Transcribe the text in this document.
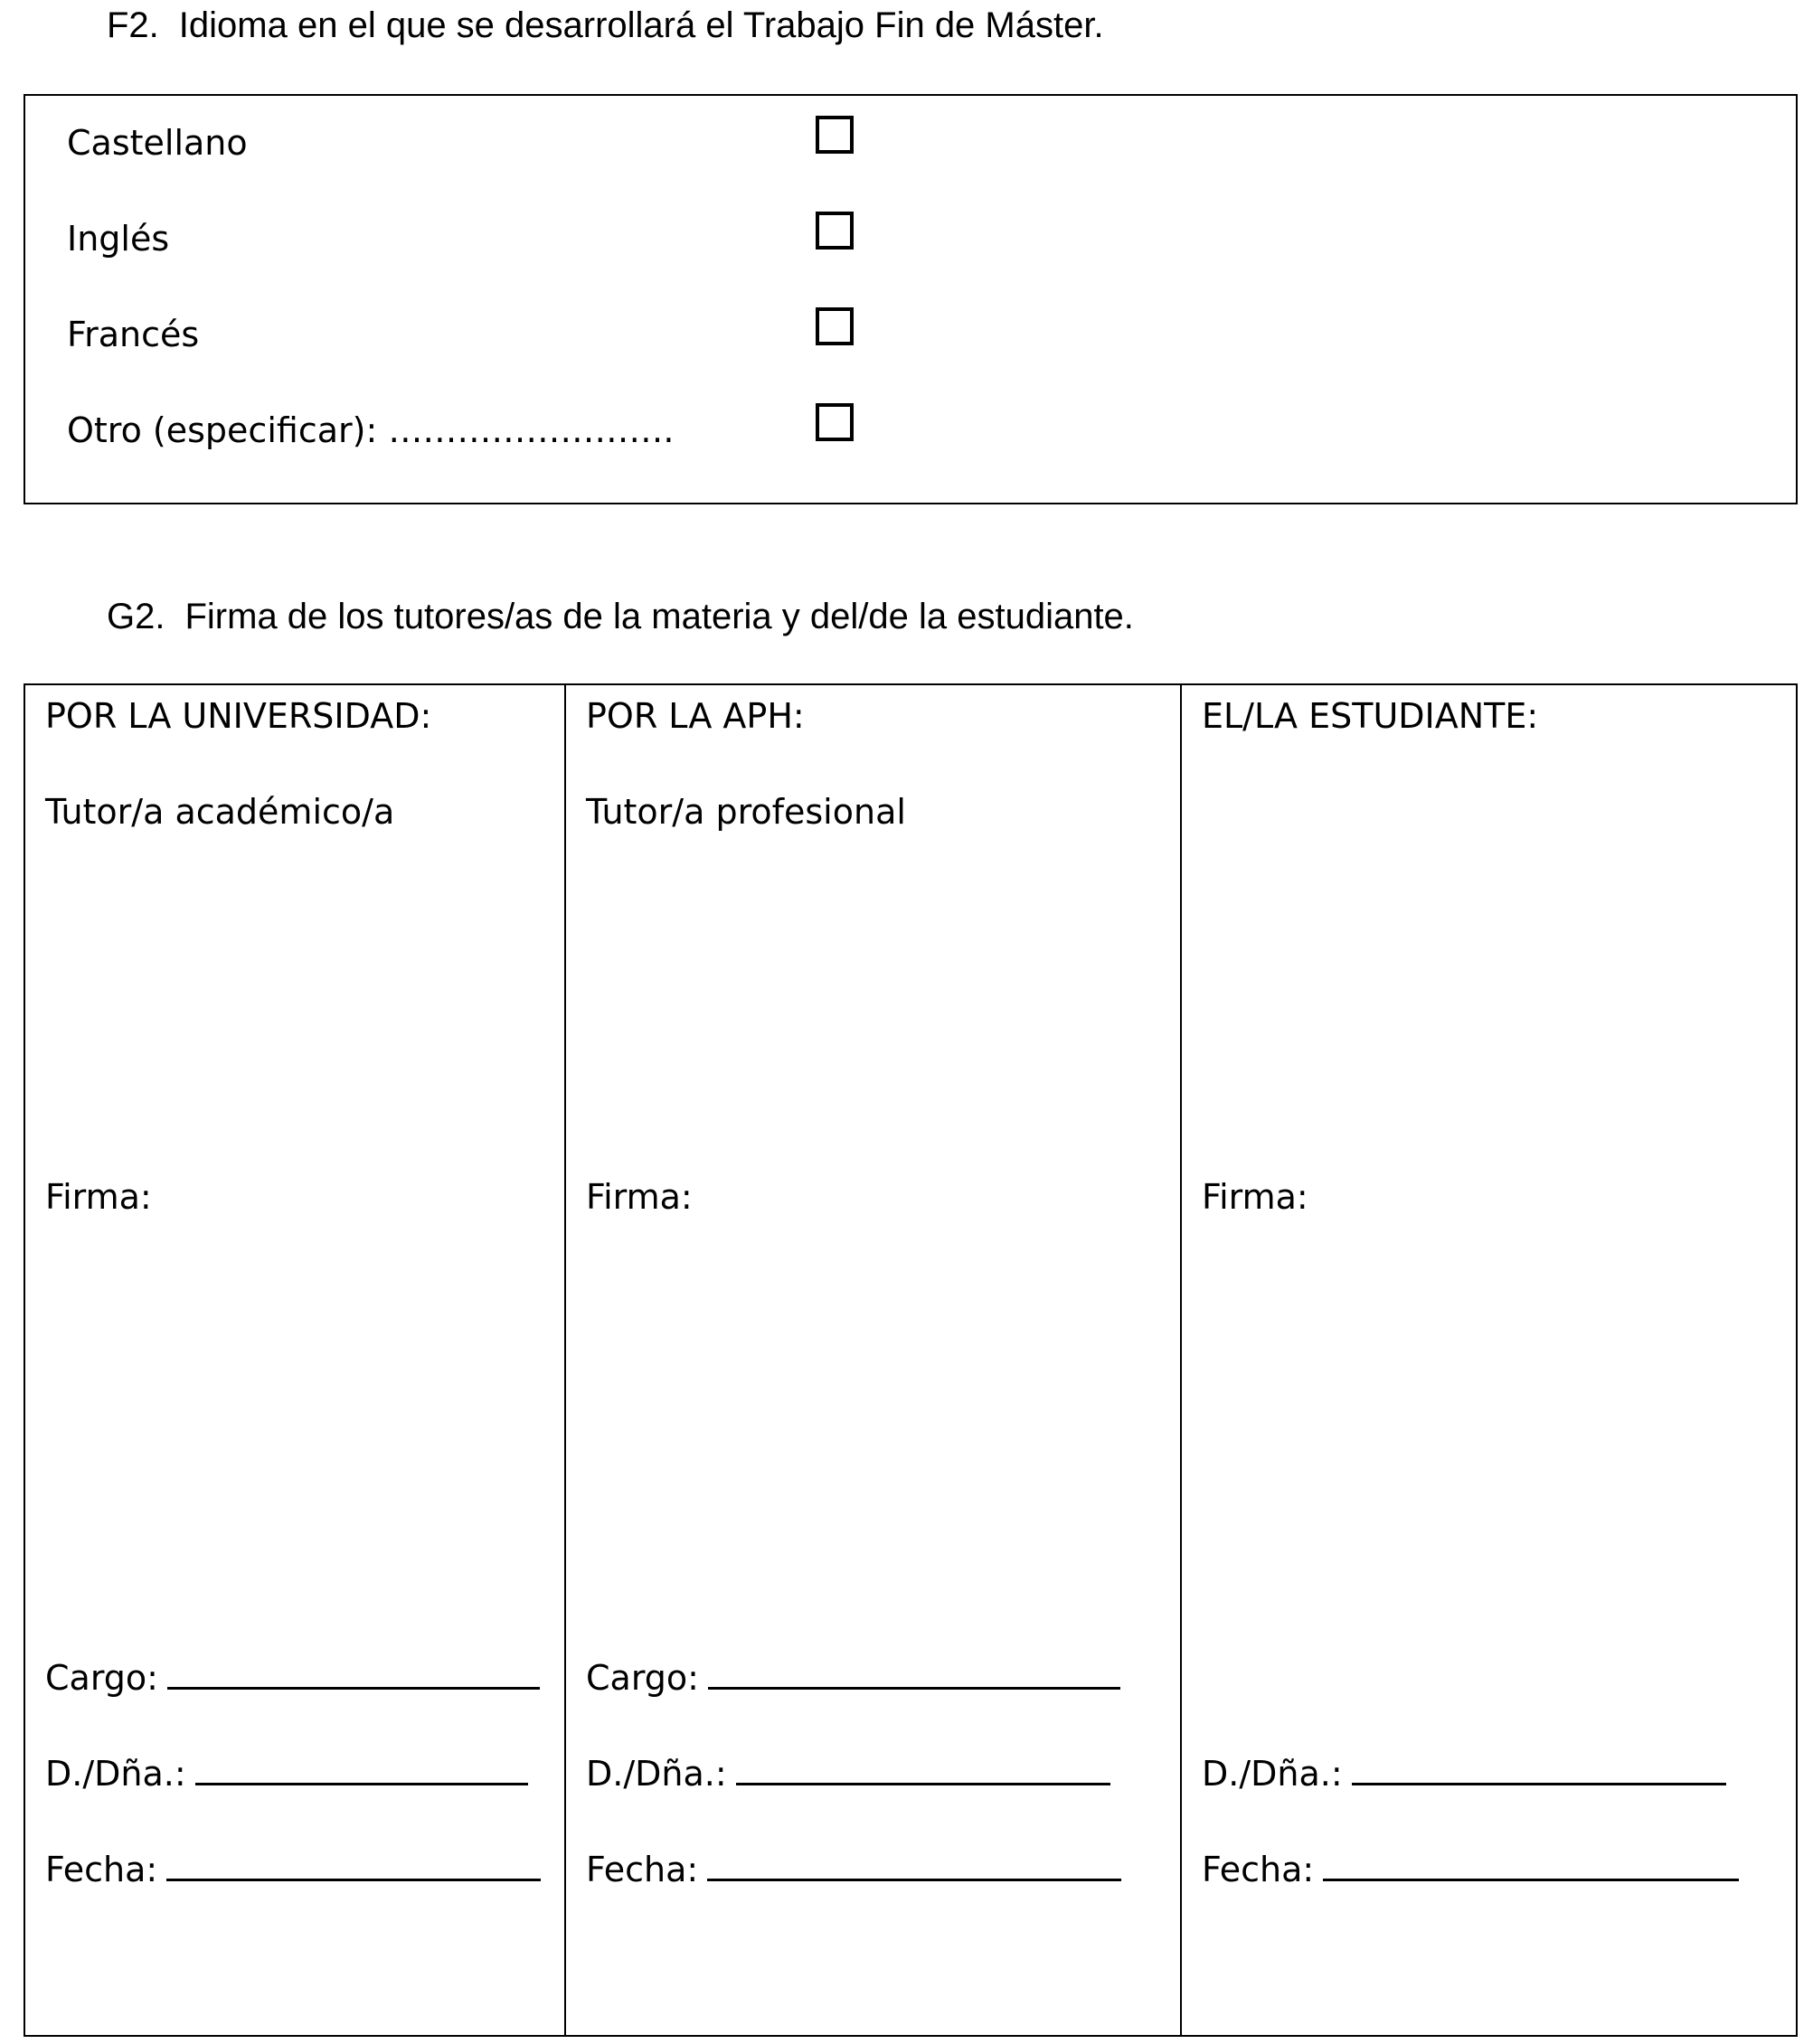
F2. Idioma en el que se desarrollará el Trabajo Fin de Máster.
Castellano
Inglés
Francés
Otro (especificar): …………………….
G2. Firma de los tutores/as de la materia y del/de la estudiante.
POR LA UNIVERSIDAD:
Tutor/a académico/a
Firma:
Cargo:
D./Dña.:
Fecha:
POR LA APH:
Tutor/a profesional
Firma:
Cargo:
D./Dña.:
Fecha:
EL/LA ESTUDIANTE:
Firma:
D./Dña.:
Fecha:
